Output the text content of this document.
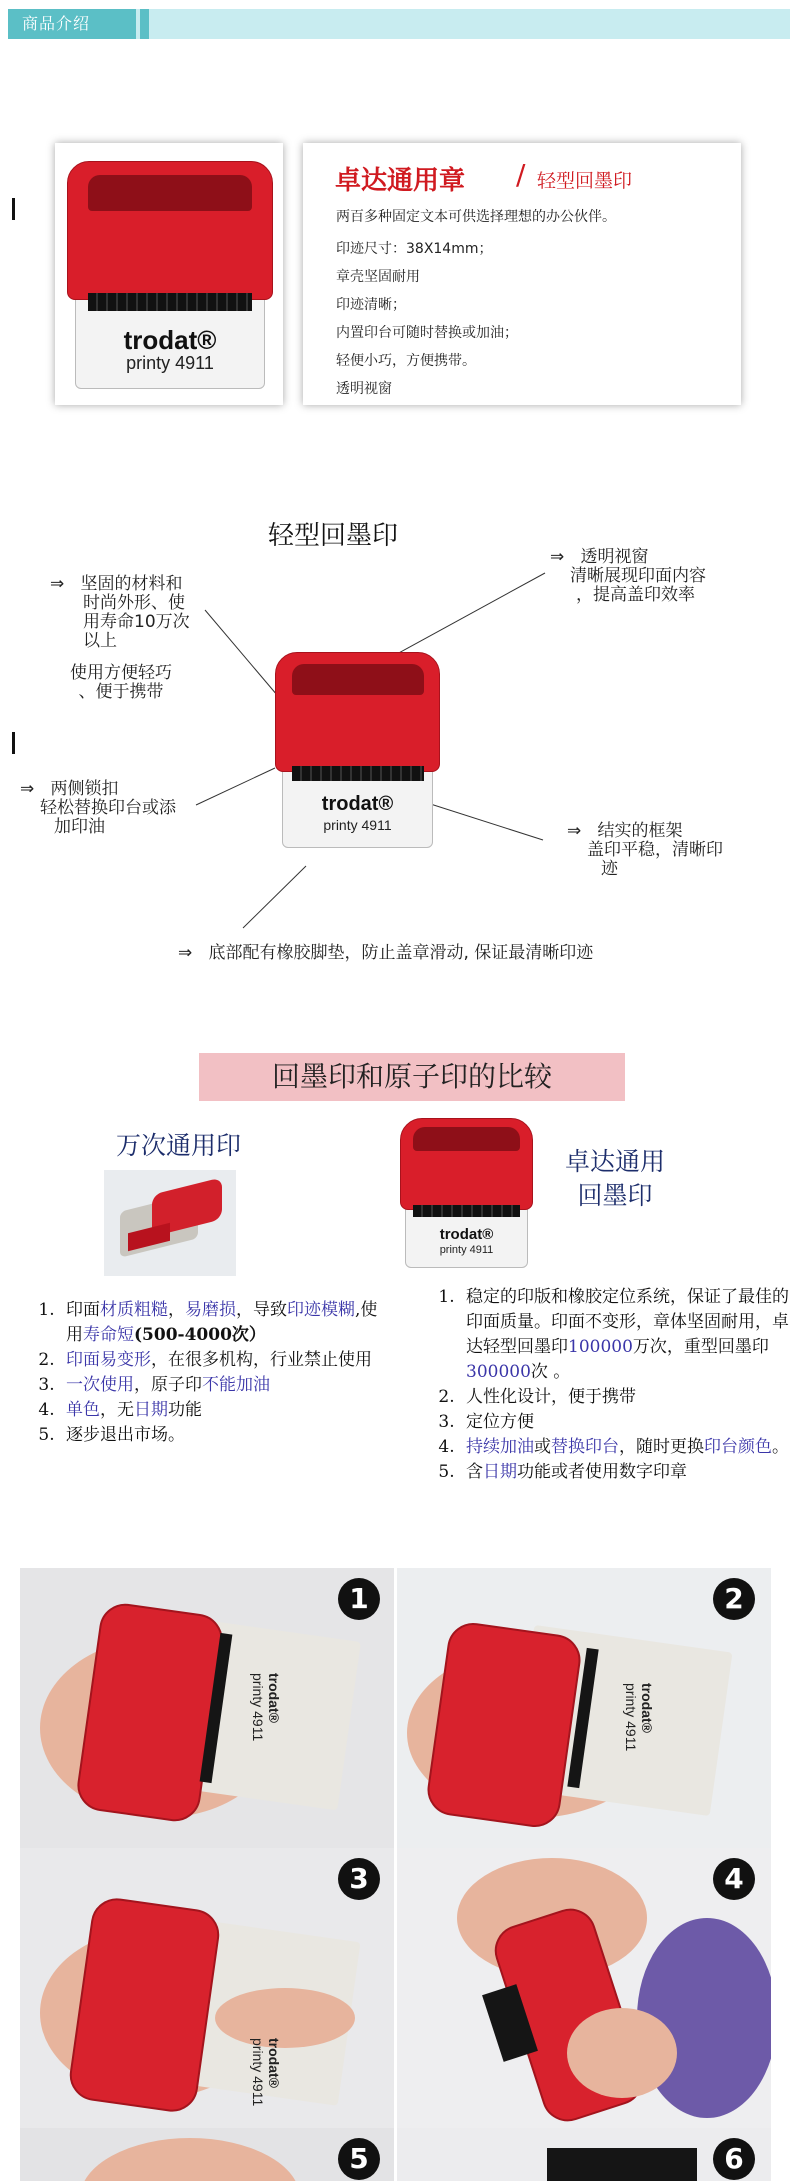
商品介绍
trodat®
printy 4911
卓达通用章 / 轻型回墨印
两百多种固定文本可供选择理想的办公伙伴。
印迹尺寸：38X14mm；
章壳坚固耐用
印迹清晰；
内置印台可随时替换或加油；
轻便小巧，方便携带。
透明视窗
轻型回墨印
trodat®
printy 4911
⇒ 坚固的材料和
时尚外形、使
用寿命10万次
以上
使用方便轻巧
、便于携带
⇒ 透明视窗
清晰展现印面内容
，提高盖印效率
⇒ 两侧锁扣
轻松替换印台或添
加印油	⇒ 结实的框架
盖印平稳，清晰印
迹
⇒ 底部配有橡胶脚垫，防止盖章滑动, 保证最清晰印迹
回墨印和原子印的比较
万次通用印
卓达通用
回墨印
trodat®
printy 4911
1. 印面材质粗糙，易磨损，导致印迹模糊,使用寿命短(500-4000次）
2. 印面易变形，在很多机构，行业禁止使用
3. 一次使用，原子印不能加油
4. 单色，无日期功能
5. 逐步退出市场。
1. 稳定的印版和橡胶定位系统，保证了最佳的印面质量。印面不变形，章体坚固耐用，卓达轻型回墨印100000万次，重型回墨印300000次 。
2. 人性化设计，便于携带
3. 定位方便
4. 持续加油或替换印台，随时更换印台颜色。
5. 含日期功能或者使用数字印章
trodat®
printy 4911
1
trodat®
printy 4911
2
trodat®
printy 4911
3	4
5	6
